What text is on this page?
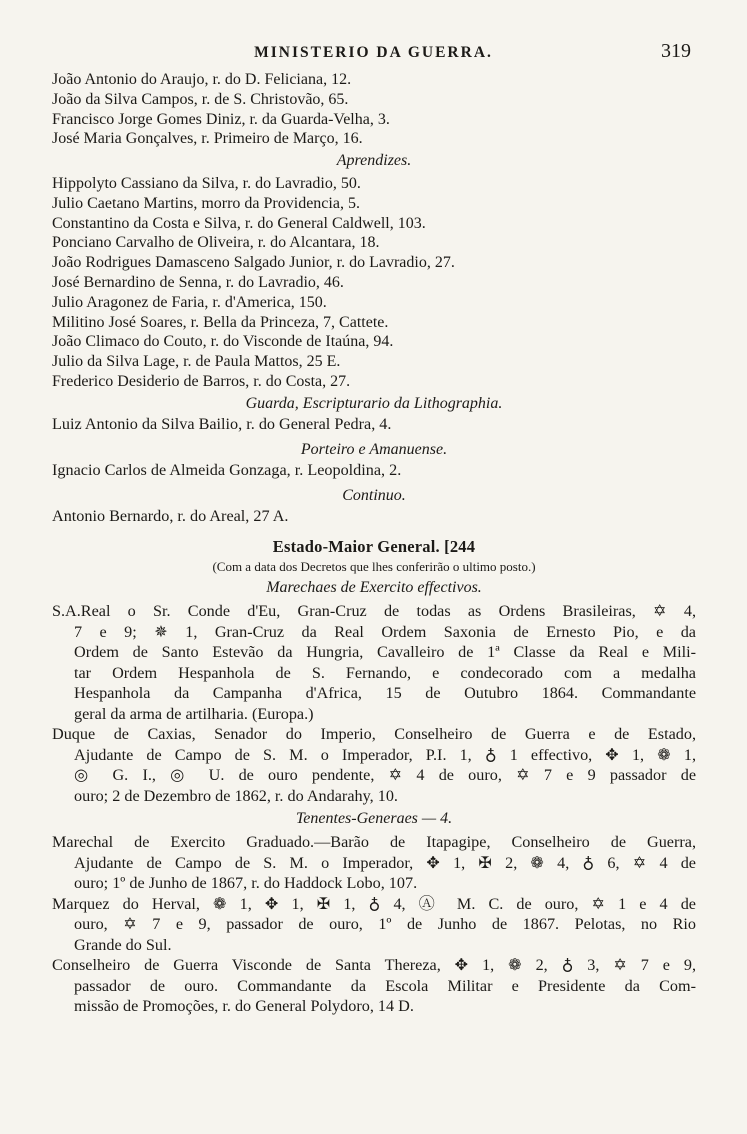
MINISTERIO DA GUERRA.	319
João Antonio do Araujo, r. do D. Feliciana, 12.
João da Silva Campos, r. de S. Christovão, 65.
Francisco Jorge Gomes Diniz, r. da Guarda-Velha, 3.
José Maria Gonçalves, r. Primeiro de Março, 16.
Aprendizes.
Hippolyto Cassiano da Silva, r. do Lavradio, 50.
Julio Caetano Martins, morro da Providencia, 5.
Constantino da Costa e Silva, r. do General Caldwell, 103.
Ponciano Carvalho de Oliveira, r. do Alcantara, 18.
João Rodrigues Damasceno Salgado Junior, r. do Lavradio, 27.
José Bernardino de Senna, r. do Lavradio, 46.
Julio Aragonez de Faria, r. d'America, 150.
Militino José Soares, r. Bella da Princeza, 7, Cattete.
João Climaco do Couto, r. do Visconde de Itaúna, 94.
Julio da Silva Lage, r. de Paula Mattos, 25 E.
Frederico Desiderio de Barros, r. do Costa, 27.
Guarda, Escripturario da Lithographia.
Luiz Antonio da Silva Bailio, r. do General Pedra, 4.
Porteiro e Amanuense.
Ignacio Carlos de Almeida Gonzaga, r. Leopoldina, 2.
Continuo.
Antonio Bernardo, r. do Areal, 27 A.
Estado-Maior General. [244
(Com a data dos Decretos que lhes conferirão o ultimo posto.)
Marechaes de Exercito effectivos.
S.A.Real o Sr. Conde d'Eu, Gran-Cruz de todas as Ordens Brasileiras, ✡ 4,
7 e 9; ✵ 1, Gran-Cruz da Real Ordem Saxonia de Ernesto Pio, e da
Ordem de Santo Estevão da Hungria, Cavalleiro de 1ª Classe da Real e Mili-
tar Ordem Hespanhola de S. Fernando, e condecorado com a medalha
Hespanhola da Campanha d'Africa, 15 de Outubro 1864. Commandante
geral da arma de artilharia. (Europa.)
Duque de Caxias, Senador do Imperio, Conselheiro de Guerra e de Estado,
Ajudante de Campo de S. M. o Imperador, P.I. 1, ♁ 1 effectivo, ✥ 1, ❁ 1,
◎ G. I., ◎ U. de ouro pendente, ✡ 4 de ouro, ✡ 7 e 9 passador de
ouro; 2 de Dezembro de 1862, r. do Andarahy, 10.
Tenentes-Generaes — 4.
Marechal de Exercito Graduado.—Barão de Itapagipe, Conselheiro de Guerra,
Ajudante de Campo de S. M. o Imperador, ✥ 1, ✠ 2, ❁ 4, ♁ 6, ✡ 4 de
ouro; 1º de Junho de 1867, r. do Haddock Lobo, 107.
Marquez do Herval, ❁ 1, ✥ 1, ✠ 1, ♁ 4, Ⓐ M. C. de ouro, ✡ 1 e 4 de
ouro, ✡ 7 e 9, passador de ouro, 1º de Junho de 1867. Pelotas, no Rio
Grande do Sul.
Conselheiro de Guerra Visconde de Santa Thereza, ✥ 1, ❁ 2, ♁ 3, ✡ 7 e 9,
passador de ouro. Commandante da Escola Militar e Presidente da Com-
missão de Promoções, r. do General Polydoro, 14 D.
